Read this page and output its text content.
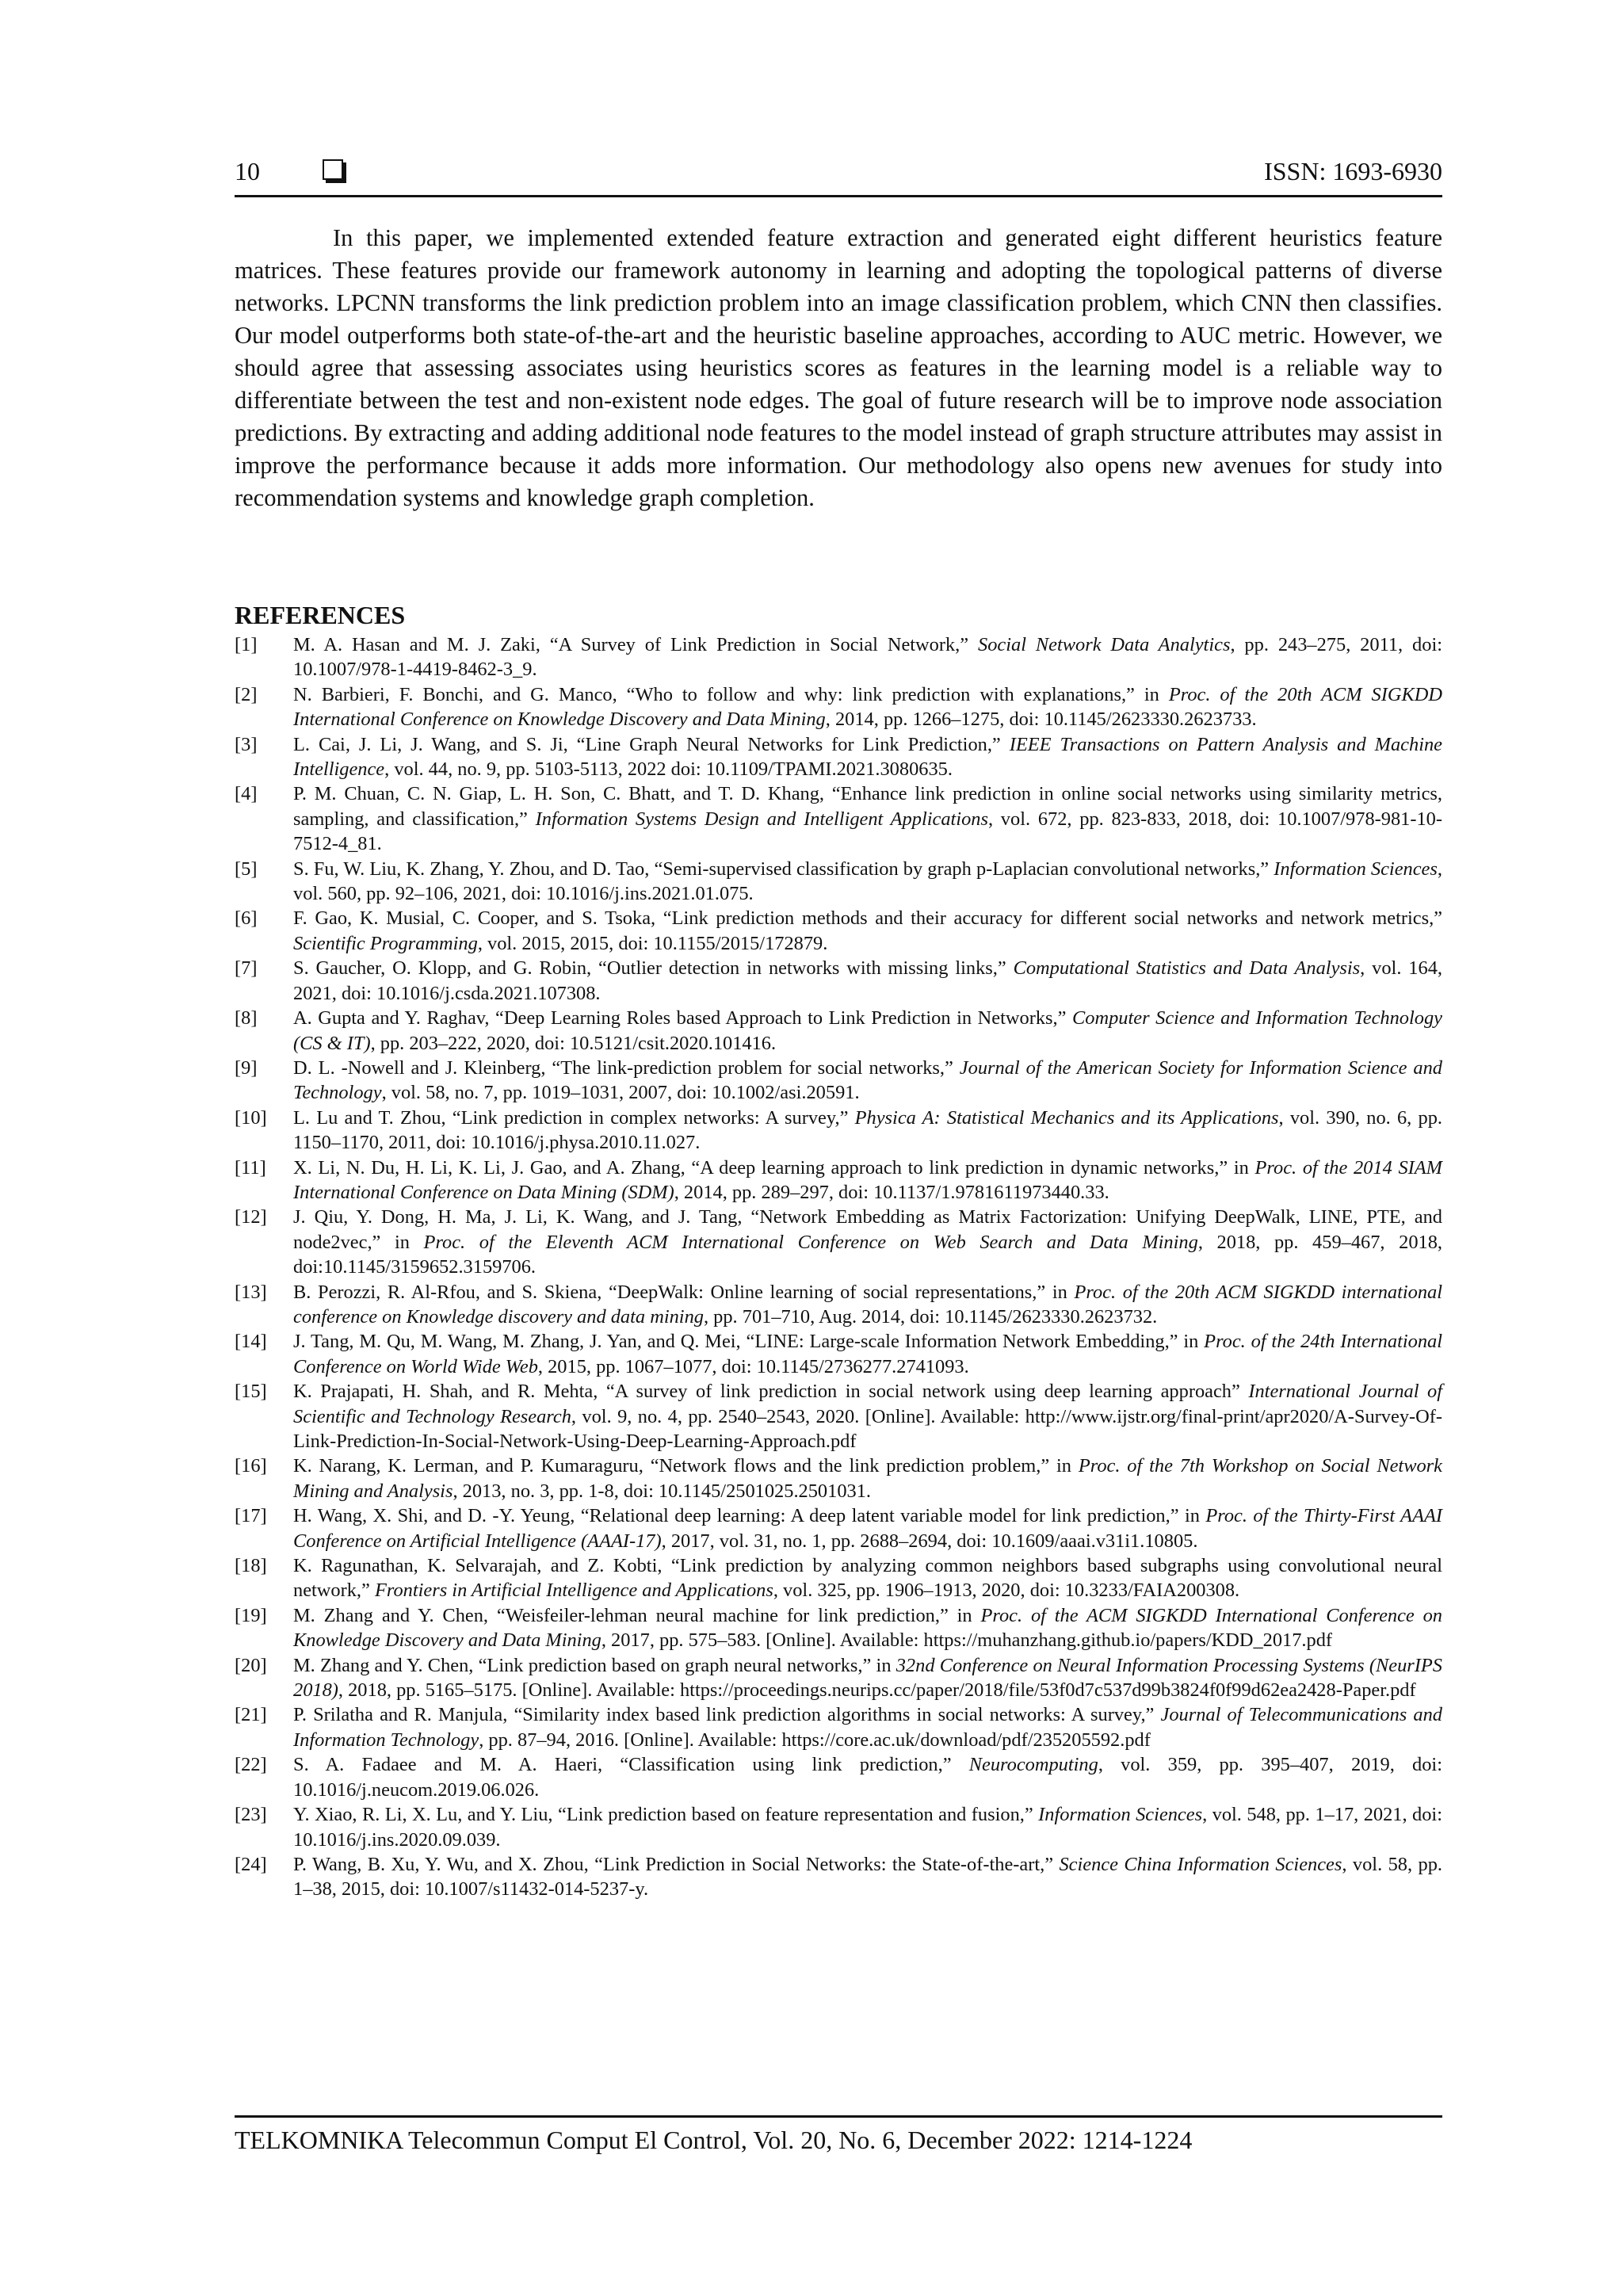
10	ISSN: 1693-6930

In this paper, we implemented extended feature extraction and generated eight different heuristics feature matrices. These features provide our framework autonomy in learning and adopting the topological patterns of diverse networks. LPCNN transforms the link prediction problem into an image classification problem, which CNN then classifies. Our model outperforms both state-of-the-art and the heuristic baseline approaches, according to AUC metric. However, we should agree that assessing associates using heuristics scores as features in the learning model is a reliable way to differentiate between the test and non-existent node edges. The goal of future research will be to improve node association predictions. By extracting and adding additional node features to the model instead of graph structure attributes may assist in improve the performance because it adds more information. Our methodology also opens new avenues for study into recommendation systems and knowledge graph completion.

REFERENCES
[1] M. A. Hasan and M. J. Zaki, “A Survey of Link Prediction in Social Network,” Social Network Data Analytics, pp. 243–275, 2011, doi: 10.1007/978-1-4419-8462-3_9.
[2] N. Barbieri, F. Bonchi, and G. Manco, “Who to follow and why: link prediction with explanations,” in Proc. of the 20th ACM SIGKDD International Conference on Knowledge Discovery and Data Mining, 2014, pp. 1266–1275, doi: 10.1145/2623330.2623733.
[3] L. Cai, J. Li, J. Wang, and S. Ji, “Line Graph Neural Networks for Link Prediction,” IEEE Transactions on Pattern Analysis and Machine Intelligence, vol. 44, no. 9, pp. 5103-5113, 2022 doi: 10.1109/TPAMI.2021.3080635.
[4] P. M. Chuan, C. N. Giap, L. H. Son, C. Bhatt, and T. D. Khang, “Enhance link prediction in online social networks using similarity metrics, sampling, and classification,” Information Systems Design and Intelligent Applications, vol. 672, pp. 823-833, 2018, doi: 10.1007/978-981-10-7512-4_81.
[5] S. Fu, W. Liu, K. Zhang, Y. Zhou, and D. Tao, “Semi-supervised classification by graph p-Laplacian convolutional networks,” Information Sciences, vol. 560, pp. 92–106, 2021, doi: 10.1016/j.ins.2021.01.075.
[6] F. Gao, K. Musial, C. Cooper, and S. Tsoka, “Link prediction methods and their accuracy for different social networks and network metrics,” Scientific Programming, vol. 2015, 2015, doi: 10.1155/2015/172879.
[7] S. Gaucher, O. Klopp, and G. Robin, “Outlier detection in networks with missing links,” Computational Statistics and Data Analysis, vol. 164, 2021, doi: 10.1016/j.csda.2021.107308.
[8] A. Gupta and Y. Raghav, “Deep Learning Roles based Approach to Link Prediction in Networks,” Computer Science and Information Technology (CS & IT), pp. 203–222, 2020, doi: 10.5121/csit.2020.101416.
[9] D. L. -Nowell and J. Kleinberg, “The link-prediction problem for social networks,” Journal of the American Society for Information Science and Technology, vol. 58, no. 7, pp. 1019–1031, 2007, doi: 10.1002/asi.20591.
[10] L. Lu and T. Zhou, “Link prediction in complex networks: A survey,” Physica A: Statistical Mechanics and its Applications, vol. 390, no. 6, pp. 1150–1170, 2011, doi: 10.1016/j.physa.2010.11.027.
[11] X. Li, N. Du, H. Li, K. Li, J. Gao, and A. Zhang, “A deep learning approach to link prediction in dynamic networks,” in Proc. of the 2014 SIAM International Conference on Data Mining (SDM), 2014, pp. 289–297, doi: 10.1137/1.9781611973440.33.
[12] J. Qiu, Y. Dong, H. Ma, J. Li, K. Wang, and J. Tang, “Network Embedding as Matrix Factorization: Unifying DeepWalk, LINE, PTE, and node2vec,” in Proc. of the Eleventh ACM International Conference on Web Search and Data Mining, 2018, pp. 459–467, 2018, doi:10.1145/3159652.3159706.
[13] B. Perozzi, R. Al-Rfou, and S. Skiena, “DeepWalk: Online learning of social representations,” in Proc. of the 20th ACM SIGKDD international conference on Knowledge discovery and data mining, pp. 701–710, Aug. 2014, doi: 10.1145/2623330.2623732.
[14] J. Tang, M. Qu, M. Wang, M. Zhang, J. Yan, and Q. Mei, “LINE: Large-scale Information Network Embedding,” in Proc. of the 24th International Conference on World Wide Web, 2015, pp. 1067–1077, doi: 10.1145/2736277.2741093.
[15] K. Prajapati, H. Shah, and R. Mehta, “A survey of link prediction in social network using deep learning approach” International Journal of Scientific and Technology Research, vol. 9, no. 4, pp. 2540–2543, 2020. [Online]. Available: http://www.ijstr.org/final-print/apr2020/A-Survey-Of-Link-Prediction-In-Social-Network-Using-Deep-Learning-Approach.pdf
[16] K. Narang, K. Lerman, and P. Kumaraguru, “Network flows and the link prediction problem,” in Proc. of the 7th Workshop on Social Network Mining and Analysis, 2013, no. 3, pp. 1-8, doi: 10.1145/2501025.2501031.
[17] H. Wang, X. Shi, and D. -Y. Yeung, “Relational deep learning: A deep latent variable model for link prediction,” in Proc. of the Thirty-First AAAI Conference on Artificial Intelligence (AAAI-17), 2017, vol. 31, no. 1, pp. 2688–2694, doi: 10.1609/aaai.v31i1.10805.
[18] K. Ragunathan, K. Selvarajah, and Z. Kobti, “Link prediction by analyzing common neighbors based subgraphs using convolutional neural network,” Frontiers in Artificial Intelligence and Applications, vol. 325, pp. 1906–1913, 2020, doi: 10.3233/FAIA200308.
[19] M. Zhang and Y. Chen, “Weisfeiler-lehman neural machine for link prediction,” in Proc. of the ACM SIGKDD International Conference on Knowledge Discovery and Data Mining, 2017, pp. 575–583. [Online]. Available: https://muhanzhang.github.io/papers/KDD_2017.pdf
[20] M. Zhang and Y. Chen, “Link prediction based on graph neural networks,” in 32nd Conference on Neural Information Processing Systems (NeurIPS 2018), 2018, pp. 5165–5175. [Online]. Available: https://proceedings.neurips.cc/paper/2018/file/53f0d7c537d99b3824f0f99d62ea2428-Paper.pdf
[21] P. Srilatha and R. Manjula, “Similarity index based link prediction algorithms in social networks: A survey,” Journal of Telecommunications and Information Technology, pp. 87–94, 2016. [Online]. Available: https://core.ac.uk/download/pdf/235205592.pdf
[22] S. A. Fadaee and M. A. Haeri, “Classification using link prediction,” Neurocomputing, vol. 359, pp. 395–407, 2019, doi: 10.1016/j.neucom.2019.06.026.
[23] Y. Xiao, R. Li, X. Lu, and Y. Liu, “Link prediction based on feature representation and fusion,” Information Sciences, vol. 548, pp. 1–17, 2021, doi: 10.1016/j.ins.2020.09.039.
[24] P. Wang, B. Xu, Y. Wu, and X. Zhou, “Link Prediction in Social Networks: the State-of-the-art,” Science China Information Sciences, vol. 58, pp. 1–38, 2015, doi: 10.1007/s11432-014-5237-y.
TELKOMNIKA Telecommun Comput El Control, Vol. 20, No. 6, December 2022: 1214-1224
